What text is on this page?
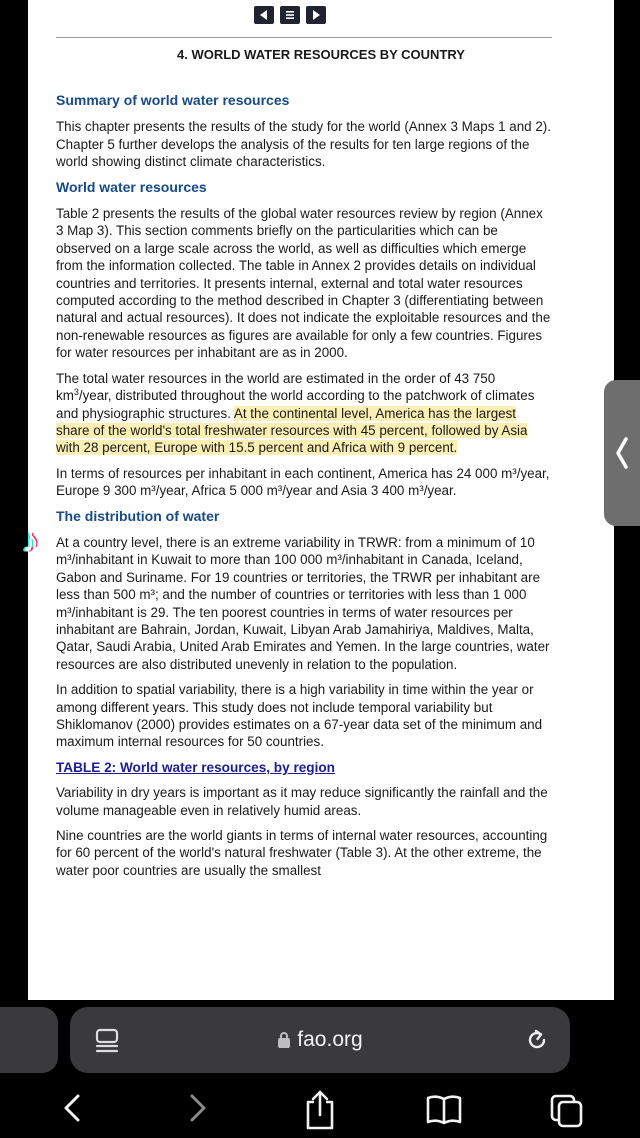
4. WORLD WATER RESOURCES BY COUNTRY
Summary of world water resources

This chapter presents the results of the study for the world (Annex 3 Maps 1 and 2). Chapter 5 further develops the analysis of the results for ten large regions of the world showing distinct climate characteristics.

World water resources

Table 2 presents the results of the global water resources review by region (Annex 3 Map 3). This section comments briefly on the particularities which can be observed on a large scale across the world, as well as difficulties which emerge from the information collected. The table in Annex 2 provides details on individual countries and territories. It presents internal, external and total water resources computed according to the method described in Chapter 3 (differentiating between natural and actual resources). It does not indicate the exploitable resources and the non-renewable resources as figures are available for only a few countries. Figures for water resources per inhabitant are as in 2000.

The total water resources in the world are estimated in the order of 43 750 $km^3$/year, distributed throughout the world according to the patchwork of climates and physiographic structures. At the continental level, America has the largest share of the world's total freshwater resources with 45 percent, followed by Asia with 28 percent, Europe with 15.5 percent and Africa with 9 percent.

In terms of resources per inhabitant in each continent, America has 24 000 m³/year, Europe 9 300 m³/year, Africa 5 000 m³/year and Asia 3 400 m³/year.

The distribution of water

At a country level, there is an extreme variability in TRWR: from a minimum of 10 m³/inhabitant in Kuwait to more than 100 000 m³/inhabitant in Canada, Iceland, Gabon and Suriname. For 19 countries or territories, the TRWR per inhabitant are less than 500 m³; and the number of countries or territories with less than 1 000 m³/inhabitant is 29. The ten poorest countries in terms of water resources per inhabitant are Bahrain, Jordan, Kuwait, Libyan Arab Jamahiriya, Maldives, Malta, Qatar, Saudi Arabia, United Arab Emirates and Yemen. In the large countries, water resources are also distributed unevenly in relation to the population.

In addition to spatial variability, there is a high variability in time within the year or among different years. This study does not include temporal variability but Shiklomanov (2000) provides estimates on a 67-year data set of the minimum and maximum internal resources for 50 countries.

TABLE 2: World water resources, by region

Variability in dry years is important as it may reduce significantly the rainfall and the volume manageable even in relatively humid areas.

Nine countries are the world giants in terms of internal water resources, accounting for 60 percent of the world's natural freshwater (Table 3). At the other extreme, the water poor countries are usually the smallest

♪
fao.org
